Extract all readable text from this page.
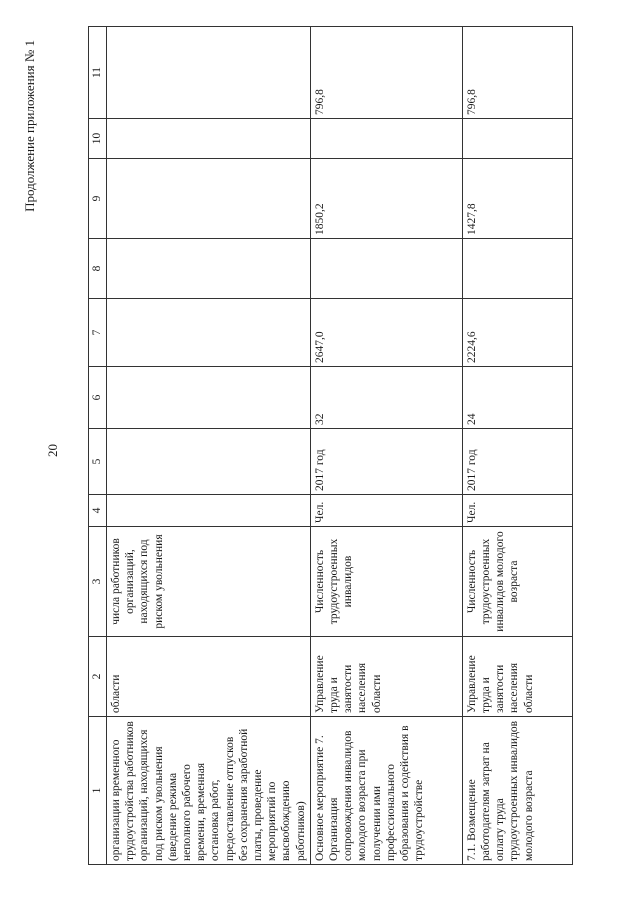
20
Продолжение приложения № 1
1	2	3	4	5	6	7	8	9	10	11
организации временного трудоустройства работников организаций, находящихся под риском увольнения (введение режима неполного рабочего времени, временная остановка работ, предоставление отпусков без сохранения заработной платы, проведение мероприятий по высвобождению работников)	области	числа работников организаций, находящихся под риском увольнения								
Основное мероприятие 7. Организация сопровождения инвалидов молодого возраста при получении ими профессионального образования и содействия в трудоустройстве	Управление труда и занятости населения области	Численность трудоустроенных инвалидов	Чел.	2017 год	32	2647,0		1850,2		796,8
7.1. Возмещение работодателям затрат на оплату труда трудоустроенных инвалидов молодого возраста	Управление труда и занятости населения области	Численность трудоустроенных инвалидов молодого возраста	Чел.	2017 год	24	2224,6		1427,8		796,8
